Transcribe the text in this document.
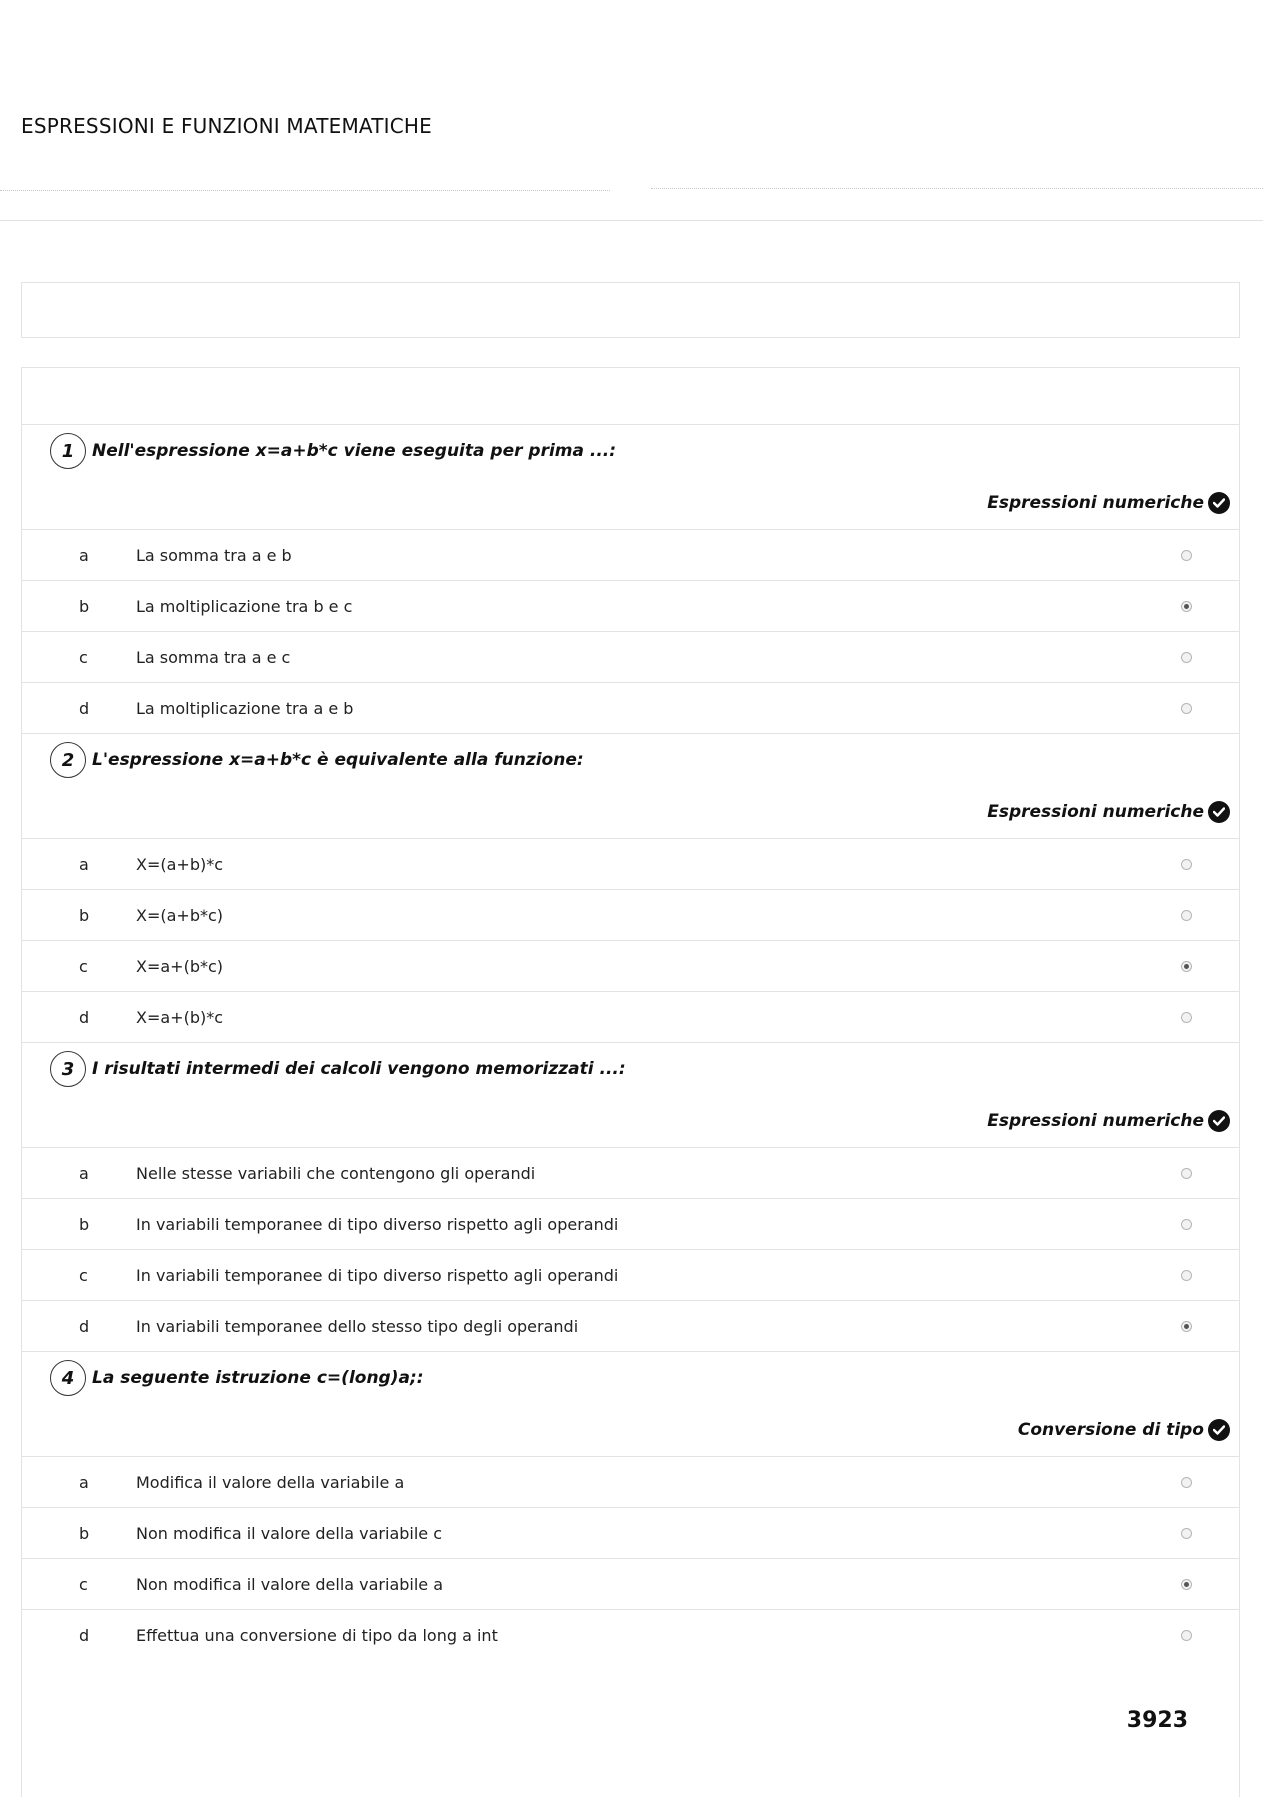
ESPRESSIONI E FUNZIONI MATEMATICHE
1	Nell'espressione x=a+b*c viene eseguita per prima ...:
Espressioni numeriche
a	La somma tra a e b
b	La moltiplicazione tra b e c
c	La somma tra a e c
d	La moltiplicazione tra a e b
2	L'espressione x=a+b*c è equivalente alla funzione:
Espressioni numeriche
a	X=(a+b)*c
b	X=(a+b*c)
c	X=a+(b*c)
d	X=a+(b)*c
3	I risultati intermedi dei calcoli vengono memorizzati ...:
Espressioni numeriche
a	Nelle stesse variabili che contengono gli operandi
b	In variabili temporanee di tipo diverso rispetto agli operandi
c	In variabili temporanee di tipo diverso rispetto agli operandi
d	In variabili temporanee dello stesso tipo degli operandi
4	La seguente istruzione c=(long)a;:
Conversione di tipo
a	Modifica il valore della variabile a
b	Non modifica il valore della variabile c
c	Non modifica il valore della variabile a
d	Effettua una conversione di tipo da long a int
3923
